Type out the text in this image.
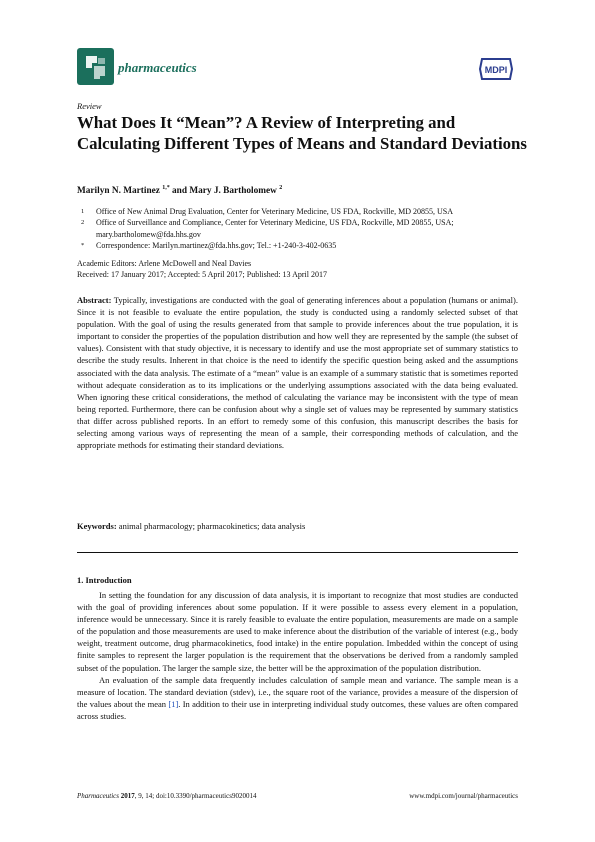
pharmaceutics	MDPI
Review
What Does It “Mean”? A Review of Interpreting and Calculating Different Types of Means and Standard Deviations
Marilyn N. Martinez $^{1,*}$ and Mary J. Bartholomew $^2$
1	Office of New Animal Drug Evaluation, Center for Veterinary Medicine, US FDA, Rockville, MD 20855, USA
2	Office of Surveillance and Compliance, Center for Veterinary Medicine, US FDA, Rockville, MD 20855, USA; mary.bartholomew@fda.hhs.gov
*	Correspondence: Marilyn.martinez@fda.hhs.gov; Tel.: +1-240-3-402-0635
Academic Editors: Arlene McDowell and Neal Davies
Received: 17 January 2017; Accepted: 5 April 2017; Published: 13 April 2017
Abstract: Typically, investigations are conducted with the goal of generating inferences about a population (humans or animal). Since it is not feasible to evaluate the entire population, the study is conducted using a randomly selected subset of that population. With the goal of using the results generated from that sample to provide inferences about the true population, it is important to consider the properties of the population distribution and how well they are represented by the sample (the subset of values). Consistent with that study objective, it is necessary to identify and use the most appropriate set of summary statistics to describe the study results. Inherent in that choice is the need to identify the specific question being asked and the assumptions associated with the data analysis. The estimate of a “mean” value is an example of a summary statistic that is sometimes reported without adequate consideration as to its implications or the underlying assumptions associated with the data being evaluated. When ignoring these critical considerations, the method of calculating the variance may be inconsistent with the type of mean being reported. Furthermore, there can be confusion about why a single set of values may be represented by summary statistics that differ across published reports. In an effort to remedy some of this confusion, this manuscript describes the basis for selecting among various ways of representing the mean of a sample, their corresponding methods of calculation, and the appropriate methods for estimating their standard deviations.
Keywords: animal pharmacology; pharmacokinetics; data analysis
1. Introduction

In setting the foundation for any discussion of data analysis, it is important to recognize that most studies are conducted with the goal of providing inferences about some population. If it were possible to assess every element in a population, inference would be unnecessary. Since it is rarely feasible to evaluate the entire population, measurements are made on a sample of the population and those measurements are used to make inference about the distribution of the variable of interest (e.g., body weight, treatment outcome, drug pharmacokinetics, food intake) in the entire population. Imbedded within the concept of using finite samples to represent the larger population is the requirement that the observations be derived from a randomly sampled subset of the population. The larger the sample size, the better will be the approximation of the population distribution.

An evaluation of the sample data frequently includes calculation of sample mean and variance. The sample mean is a measure of location. The standard deviation (stdev), i.e., the square root of the variance, provides a measure of the dispersion of the values about the mean [1]. In addition to their use in interpreting individual study outcomes, these values are often compared across studies.

Pharmaceutics 2017, 9, 14; doi:10.3390/pharmaceutics9020014	www.mdpi.com/journal/pharmaceutics
